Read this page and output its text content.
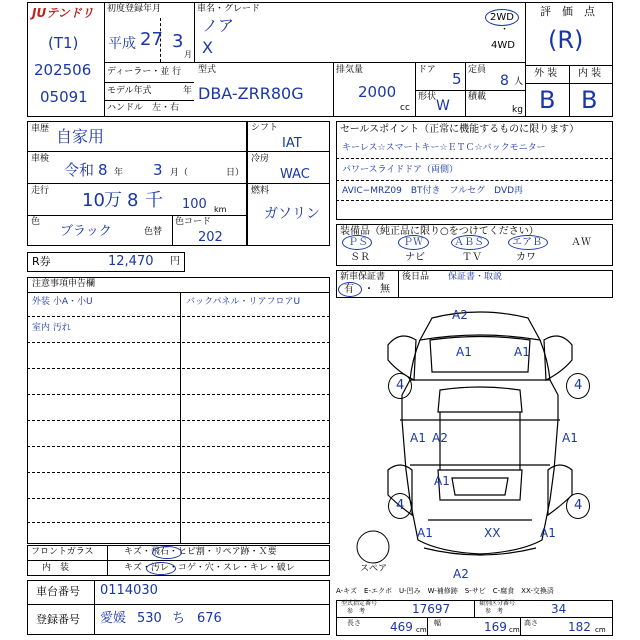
JUテンドリ
(T1)
202506
05091
初度登録年月
平成 27 3
月
車名・グレード
ノア
X
2WD
・
4WD
ディーラー・並 行
モデル年式	年
ハンドル　左・右
型式
DBA-ZRR80G
排気量
2000
cc
ドア 5 定員
8 人
形状
W
積載
kg
評　価　点
(R)
外 装 内 装
B B
車歴 自家用
車検
令和 8 年 3 月（	日）
走行 10 万 8 千 100 km
色
ブラック	色替
色コード
202
シフト
IAT
冷房
WAC
燃料
ガソリン
R券	12,470 円
セールスポイント（正常に機能するものに限ります）
キーレス☆スマートキー☆ＥＴＣ☆バックモニター
パワースライドドア（両側）
AVIC−MRZ09　BT付き　フルセグ　DVD再
装備品（純正品に限り○をつけてください）
ＰＳ	ＰＷ	ＡＢＳ	エアＢ	ＡＷ
ＳＲ	ナビ	ＴＶ	カワ
新車保証書
有 ・ 無
後日品 保証書・取説
注意事項申告欄
外装 小A・小U
室内 汚れ
バックパネル・リアフロアU
A2
A1	A1
4	4
A1 A2	A1
A1
4	4
A1	XX	A1
A2
スペア
フロントガラス	キズ・飛石・ヒビ割・リペア跡・Ｘ要
内　装	キズ・汚レ・コゲ・穴・スレ・キレ・破レ
車台番号 0114030
登録番号 愛媛 530 ち 676
A-キズ　E-エクボ　U-凹み　W-補修跡　S-サビ　C-腐食　XX-交換済
型式指定番号
参　考	17697	類別区分番号
参　考	34
長さ 469 cm
幅	169 cm
高さ	182 cm
